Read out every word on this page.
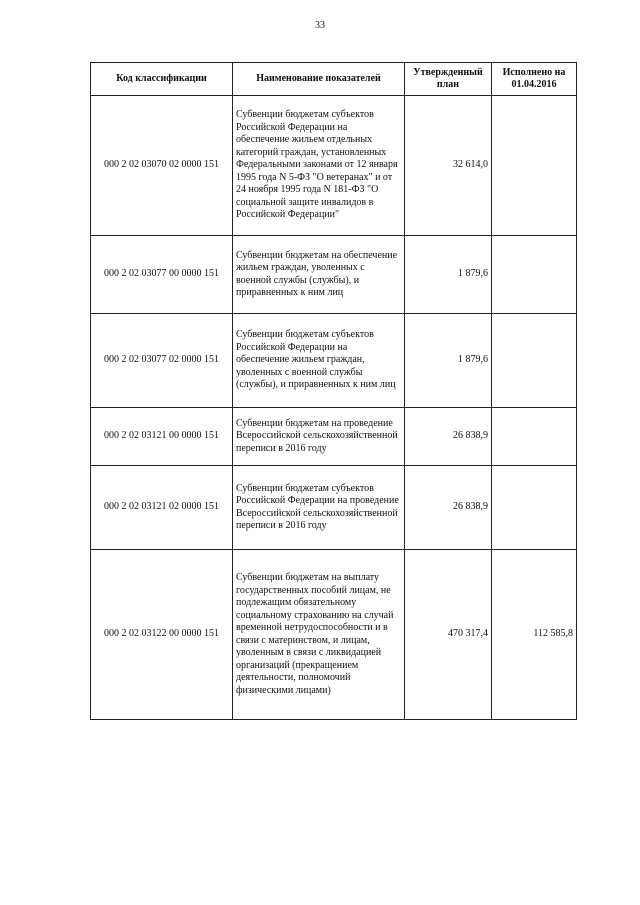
33
Код классификации	Наименование показателей	Утвержденный план	Исполнено на 01.04.2016
000 2 02 03070 02 0000 151	Субвенции бюджетам субъектов Российской Федерации на обеспечение жильем отдельных категорий граждан, установленных Федеральными законами от 12 января 1995 года N 5-ФЗ "О ветеранах" и от 24 ноября 1995 года N 181-ФЗ "О социальной защите инвалидов в Российской Федерации"	32 614,0	
000 2 02 03077 00 0000 151	Субвенции бюджетам на обеспечение жильем граждан, уволенных с военной службы (службы), и приравненных к ним лиц	1 879,6	
000 2 02 03077 02 0000 151	Субвенции бюджетам субъектов Российской Федерации на обеспечение жильем граждан, уволенных с военной службы (службы), и приравненных к ним лиц	1 879,6	
000 2 02 03121 00 0000 151	Субвенции бюджетам на проведение Всероссийской сельскохозяйственной переписи в 2016 году	26 838,9	
000 2 02 03121 02 0000 151	Субвенции бюджетам субъектов Российской Федерации на проведение Всероссийской сельскохозяйственной переписи в 2016 году	26 838,9	
000 2 02 03122 00 0000 151	Субвенции бюджетам на выплату государственных пособий лицам, не подлежащим обязательному социальному страхованию на случай временной нетрудоспособности и в связи с материнством, и лицам, уволенным в связи с ликвидацией организаций (прекращением деятельности, полномочий физическими лицами)	470 317,4	112 585,8
